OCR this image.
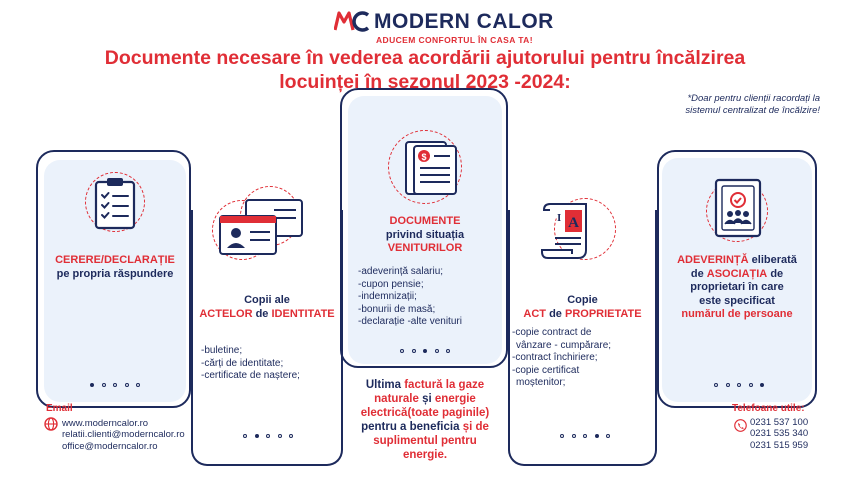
MODERN CALOR
ADUCEM CONFORTUL ÎN CASA TA!
Documente necesare în vederea acordării ajutorului pentru încălzirea
locuinței în sezonul 2023 -2024:
*Doar pentru clienții racordați la
sistemul centralizat de încălzire!
CERERE/DECLARAȚIE
pe propria răspundere
Copii ale
ACTELOR de IDENTITATE
-buletine;
-cărți de identitate;
-certificate de naștere;
$
DOCUMENTE
privind situația
VENITURILOR
-adeverință salariu;
-cupon pensie;
-indemnizații;
-bonurii de masă;
-declarație -alte venituri
Ultima factură la gaze
naturale și energie
electrică(toate paginile)
pentru a beneficia și de
suplimentul pentru
energie.
I A
Copie
ACT de PROPRIETATE
-copie contract de
vânzare - cumpărare;
-contract închiriere;
-copie certificat
moștenitor;
ADEVERINȚĂ eliberată
de ASOCIAȚIA de
proprietari în care
este specificat
numărul de persoane
Email
www.moderncalor.ro
relatii.clienti@moderncalor.ro
office@moderncalor.ro
Telefoane utile:
0231 537 100
0231 535 340
0231 515 959
